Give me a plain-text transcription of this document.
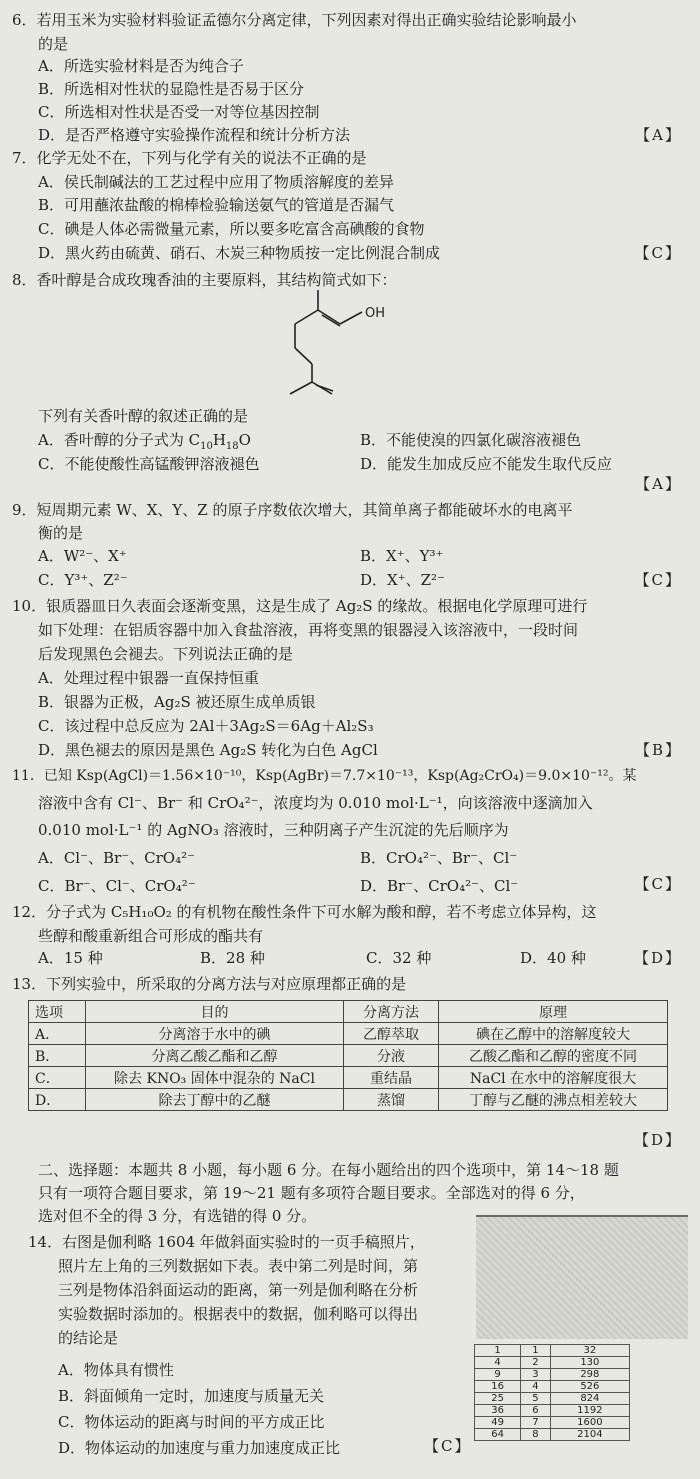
6．若用玉米为实验材料验证孟德尔分离定律，下列因素对得出正确实验结论影响最小
的是
A．所选实验材料是否为纯合子
B．所选相对性状的显隐性是否易于区分
C．所选相对性状是否受一对等位基因控制
D．是否严格遵守实验操作流程和统计分析方法	【A】
7．化学无处不在，下列与化学有关的说法不正确的是
A．侯氏制碱法的工艺过程中应用了物质溶解度的差异
B．可用蘸浓盐酸的棉棒检验输送氨气的管道是否漏气
C．碘是人体必需微量元素，所以要多吃富含高碘酸的食物
D．黑火药由硫黄、硝石、木炭三种物质按一定比例混合制成	【C】
8．香叶醇是合成玫瑰香油的主要原料，其结构简式如下：
OH
下列有关香叶醇的叙述正确的是
A．香叶醇的分子式为 $C_{10}H_{18}O$	B．不能使溴的四氯化碳溶液褪色
C．不能使酸性高锰酸钾溶液褪色	D．能发生加成反应不能发生取代反应
【A】
9．短周期元素 W、X、Y、Z 的原子序数依次增大，其简单离子都能破坏水的电离平
衡的是
A．W²⁻、X⁺	B．X⁺、Y³⁺
C．Y³⁺、Z²⁻	D．X⁺、Z²⁻	【C】
10．银质器皿日久表面会逐渐变黑，这是生成了 Ag₂S 的缘故。根据电化学原理可进行
如下处理：在铝质容器中加入食盐溶液，再将变黑的银器浸入该溶液中，一段时间
后发现黑色会褪去。下列说法正确的是
A．处理过程中银器一直保持恒重
B．银器为正极，Ag₂S 被还原生成单质银
C．该过程中总反应为 2Al＋3Ag₂S＝6Ag＋Al₂S₃
D．黑色褪去的原因是黑色 Ag₂S 转化为白色 AgCl	【B】
11．已知 Ksp(AgCl)＝1.56×10⁻¹⁰，Ksp(AgBr)＝7.7×10⁻¹³，Ksp(Ag₂CrO₄)＝9.0×10⁻¹²。某
溶液中含有 Cl⁻、Br⁻ 和 CrO₄²⁻，浓度均为 0.010 mol·L⁻¹，向该溶液中逐滴加入
0.010 mol·L⁻¹ 的 AgNO₃ 溶液时，三种阴离子产生沉淀的先后顺序为
A．Cl⁻、Br⁻、CrO₄²⁻	B．CrO₄²⁻、Br⁻、Cl⁻
C．Br⁻、Cl⁻、CrO₄²⁻	D．Br⁻、CrO₄²⁻、Cl⁻	【C】
12．分子式为 C₅H₁₀O₂ 的有机物在酸性条件下可水解为酸和醇，若不考虑立体异构，这
些醇和酸重新组合可形成的酯共有
A．15 种	B．28 种	C．32 种	D．40 种	【D】
13．下列实验中，所采取的分离方法与对应原理都正确的是
选项	目的	分离方法	原理
A．	分离溶于水中的碘	乙醇萃取	碘在乙醇中的溶解度较大
B．	分离乙酸乙酯和乙醇	分液	乙酸乙酯和乙醇的密度不同
C．	除去 KNO₃ 固体中混杂的 NaCl	重结晶	NaCl 在水中的溶解度很大
D．	除去丁醇中的乙醚	蒸馏	丁醇与乙醚的沸点相差较大
【D】
二、选择题：本题共 8 小题，每小题 6 分。在每小题给出的四个选项中，第 14～18 题
只有一项符合题目要求，第 19～21 题有多项符合题目要求。全部选对的得 6 分，
选对但不全的得 3 分，有选错的得 0 分。
14．右图是伽利略 1604 年做斜面实验时的一页手稿照片，
照片左上角的三列数据如下表。表中第二列是时间，第
三列是物体沿斜面运动的距离，第一列是伽利略在分析
实验数据时添加的。根据表中的数据，伽利略可以得出
的结论是
A．物体具有惯性
B．斜面倾角一定时，加速度与质量无关
C．物体运动的距离与时间的平方成正比
D．物体运动的加速度与重力加速度成正比	【C】
1	1	32
4	2	130
9	3	298
16	4	526
25	5	824
36	6	1192
49	7	1600
64	8	2104
